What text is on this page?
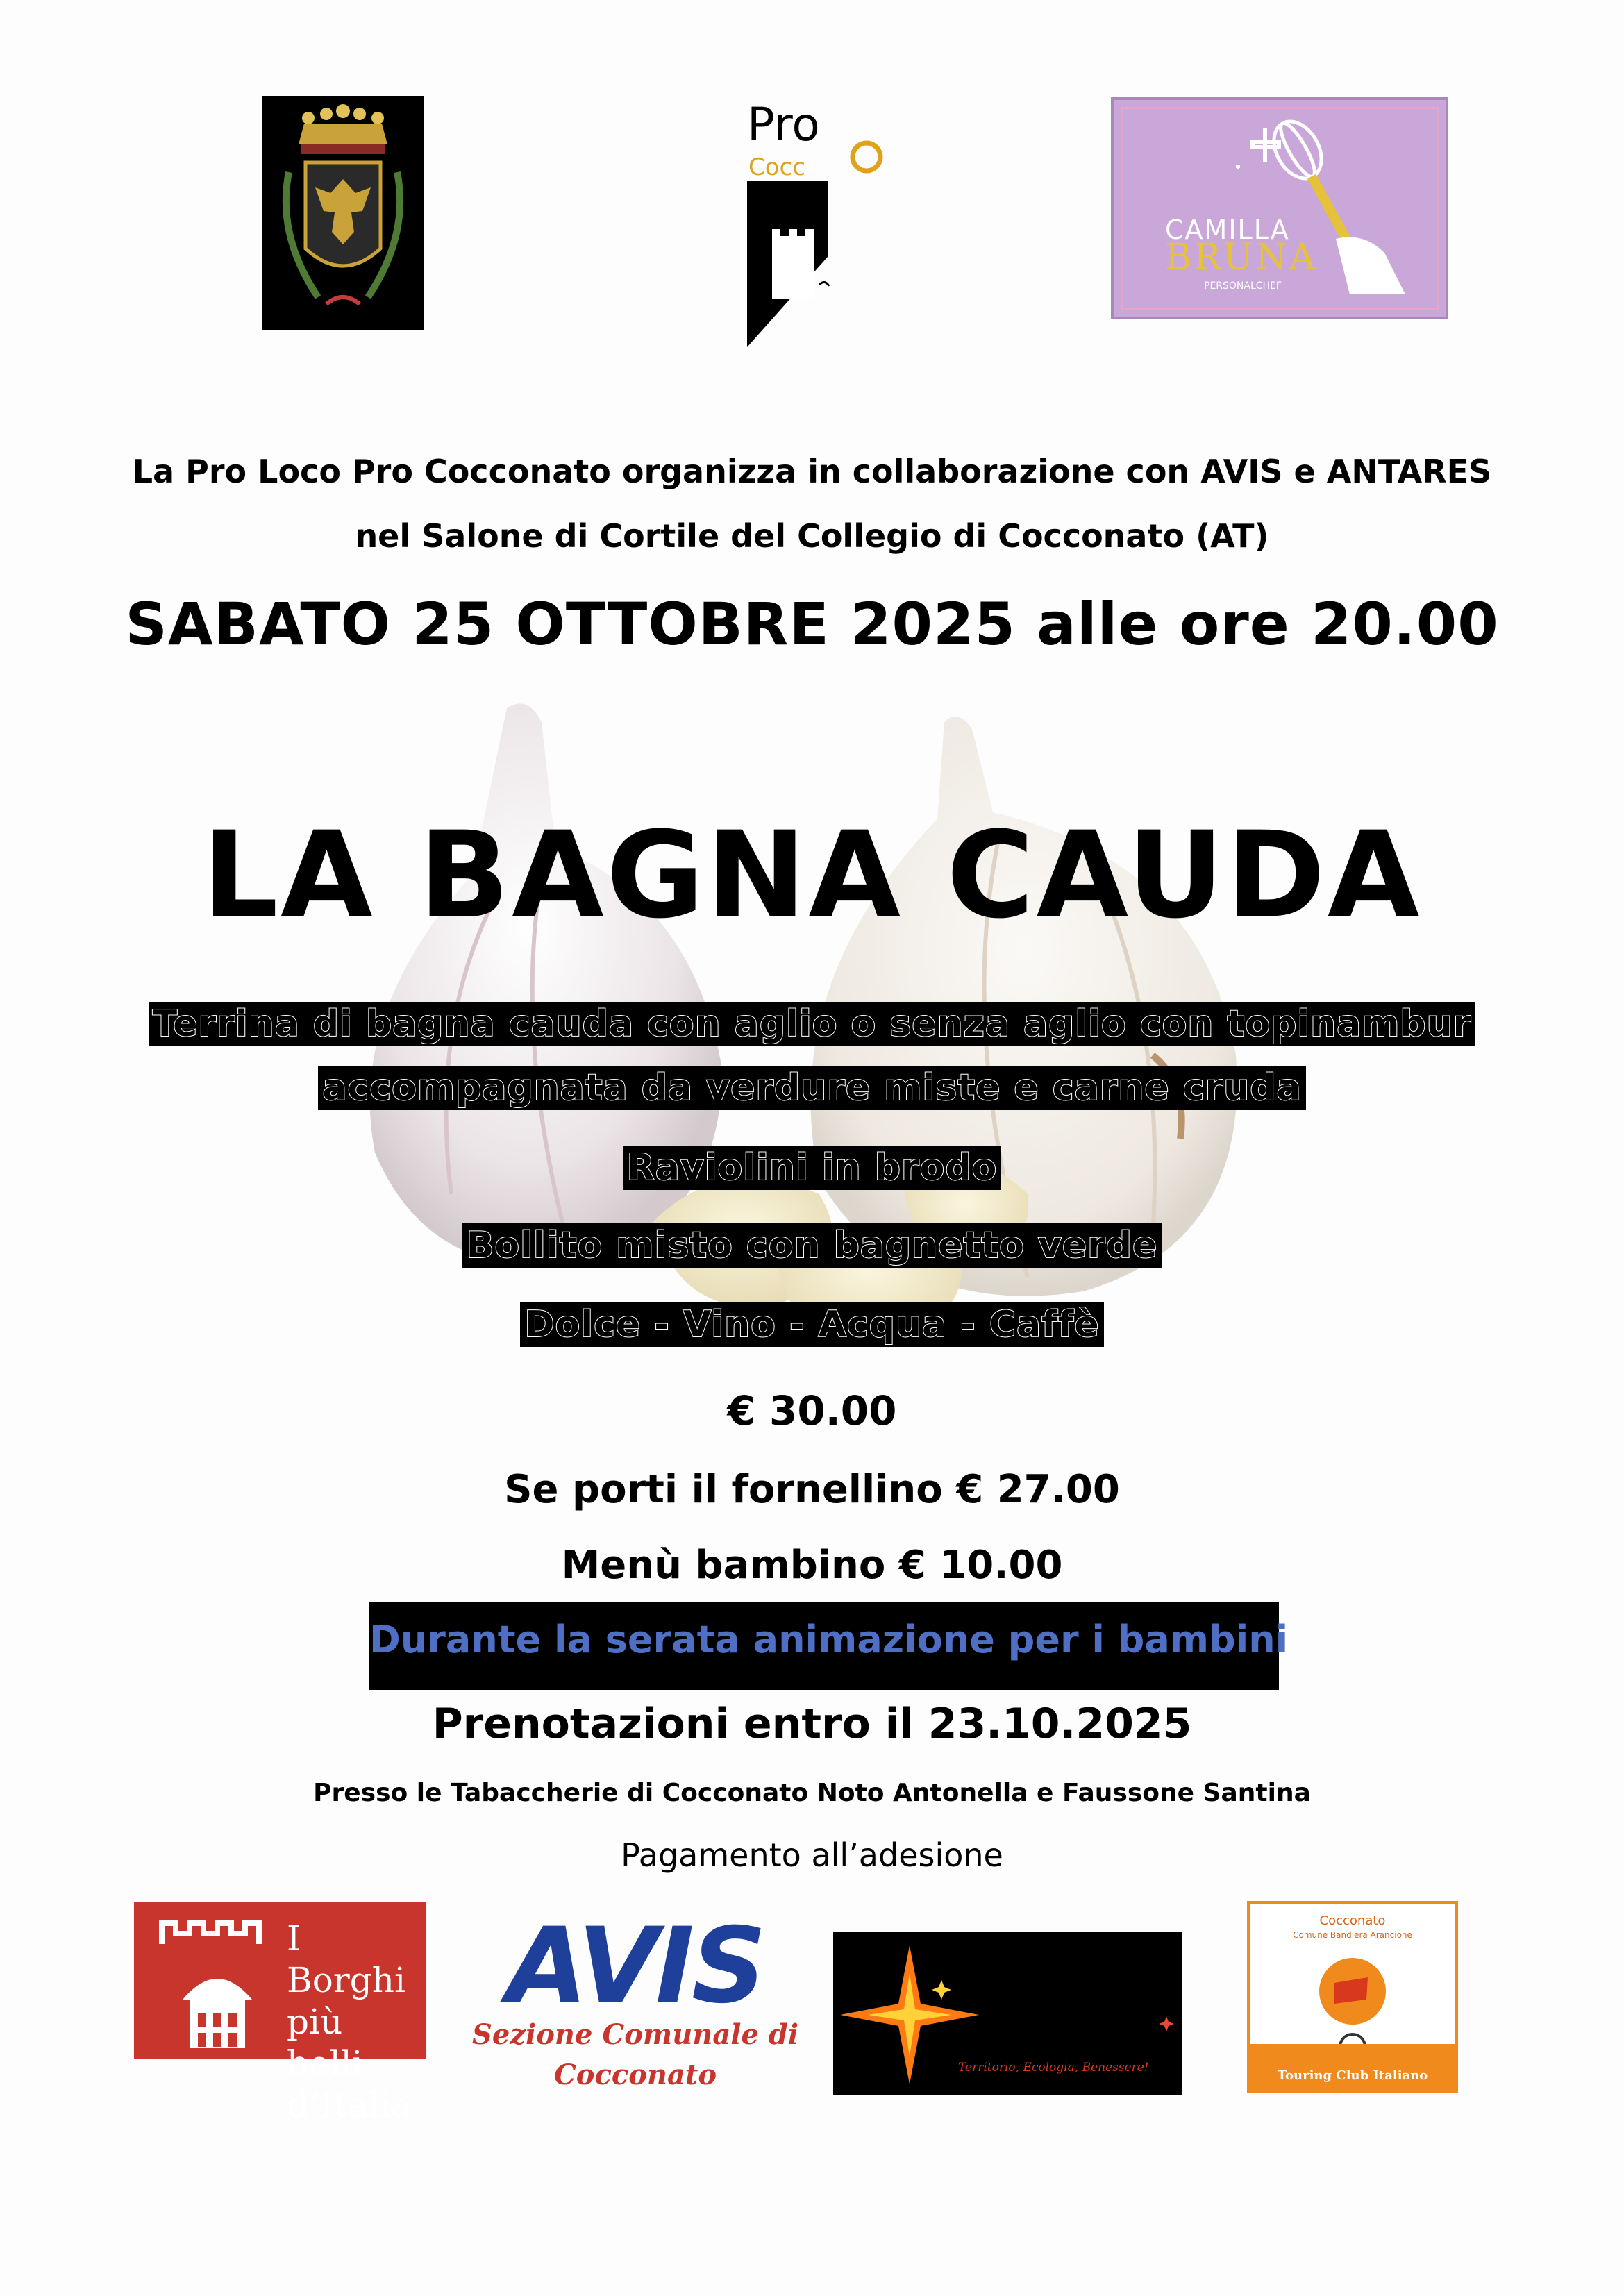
Pro
Cocc
CAMILLA
BRUNA
PERSONALCHEF
La Pro Loco Pro Cocconato organizza in collaborazione con AVIS e ANTARES
nel Salone di Cortile del Collegio di Cocconato (AT)
SABATO 25 OTTOBRE 2025 alle ore 20.00
LA BAGNA CAUDA
Terrina di bagna cauda con aglio o senza aglio con topinambur
accompagnata da verdure miste e carne cruda
Raviolini in brodo
Bollito misto con bagnetto verde
Dolce - Vino - Acqua - Caffè
€ 30.00
Se porti il fornellino € 27.00
Menù bambino € 10.00
Durante la serata animazione per i bambini
Prenotazioni entro il 23.10.2025
Presso le Tabaccherie di Cocconato Noto Antonella e Faussone Santina
Pagamento all’adesione
I Borghi
più belli
d’Italia
AVIS
Sezione Comunale di
Cocconato	Territorio, Ecologia, Benessere!
Cocconato
Comune Bandiera Arancione
Touring Club Italiano
